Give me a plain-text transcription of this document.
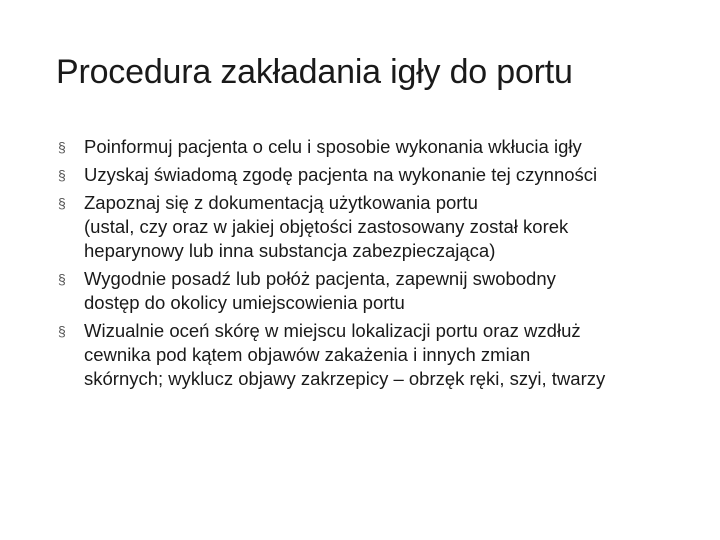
Procedura zakładania igły do portu
§ Poinformuj pacjenta o celu i sposobie wykonania wkłucia igły
§ Uzyskaj świadomą zgodę pacjenta na wykonanie tej czynności
§ Zapoznaj się z dokumentacją użytkowania portu
(ustal, czy oraz w jakiej objętości zastosowany został korek
heparynowy lub inna substancja zabezpieczająca)
§ Wygodnie posadź lub połóż pacjenta, zapewnij swobodny
dostęp do okolicy umiejscowienia portu
§ Wizualnie oceń skórę w miejscu lokalizacji portu oraz wzdłuż
cewnika pod kątem objawów zakażenia i innych zmian
skórnych; wyklucz objawy zakrzepicy – obrzęk ręki, szyi, twarzy
